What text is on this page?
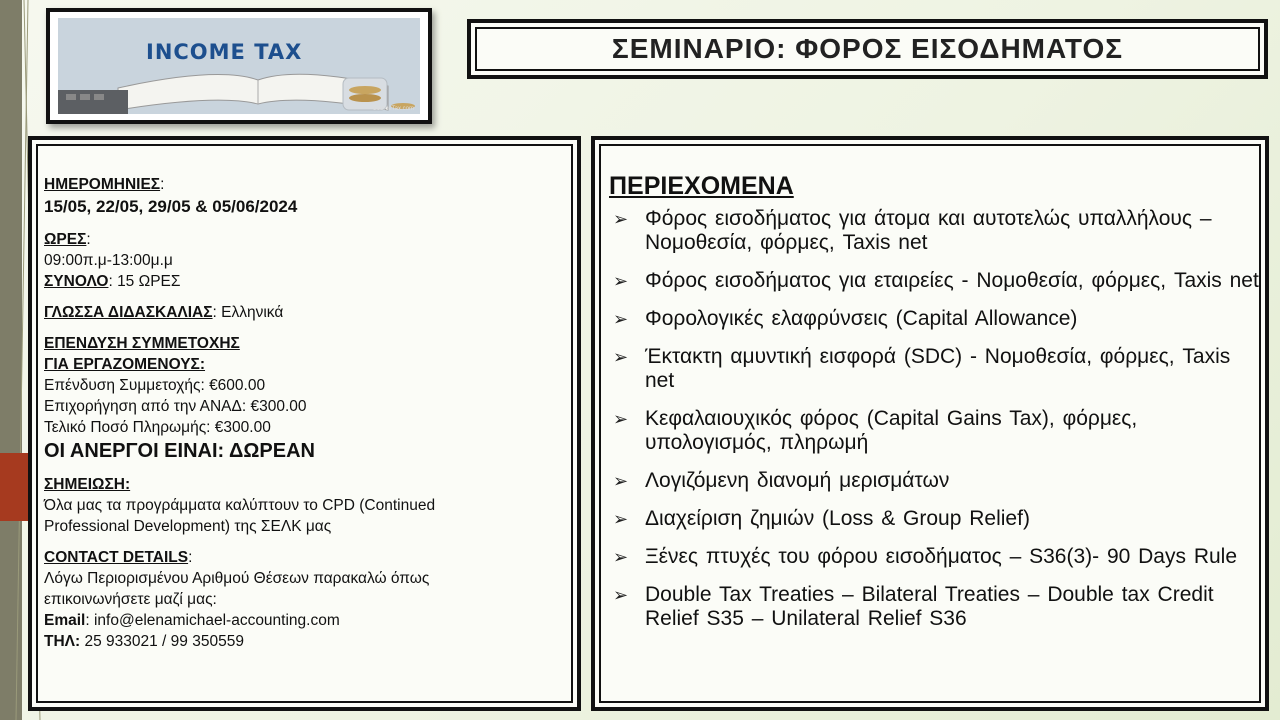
INCOME TAX
SourceTax.com
ΣΕΜΙΝΑΡΙΟ: ΦΟΡΟΣ ΕΙΣΟΔΗΜΑΤΟΣ
ΗΜΕΡΟΜΗΝΙΕΣ:
15/05, 22/05, 29/05 & 05/06/2024
ΩΡΕΣ:
09:00π.μ-13:00μ.μ
ΣΥΝΟΛΟ: 15 ΩΡΕΣ
ΓΛΩΣΣΑ ΔΙΔΑΣΚΑΛΙΑΣ: Ελληνικά
ΕΠΕΝΔΥΣΗ ΣΥΜΜΕΤΟΧΗΣ
ΓΙΑ ΕΡΓΑΖΟΜΕΝΟΥΣ:
Επένδυση Συμμετοχής: €600.00
Επιχορήγηση από την ΑΝΑΔ: €300.00
Τελικό Ποσό Πληρωμής: €300.00
ΟΙ ΑΝΕΡΓΟΙ ΕΙΝΑΙ: ΔΩΡΕΑΝ
ΣΗΜΕΙΩΣΗ:
Όλα μας τα προγράμματα καλύπτουν το CPD (Continued
Professional Development) της ΣΕΛΚ μας
CONTACT DETAILS:
Λόγω Περιορισμένου Αριθμού Θέσεων παρακαλώ όπως
επικοινωνήσετε μαζί μας:
Email: info@elenamichael-accounting.com
ΤΗΛ: 25 933021 / 99 350559
ΠΕΡΙΕΧΟΜΕΝΑ
➢ Φόρος εισοδήματος για άτομα και αυτοτελώς υπαλλήλους – Νομοθεσία, φόρμες, Taxis net
➢ Φόρος εισοδήματος για εταιρείες - Νομοθεσία, φόρμες, Taxis net
➢ Φορολογικές ελαφρύνσεις (Capital Allowance)
➢ Έκτακτη αμυντική εισφορά (SDC) - Νομοθεσία, φόρμες, Taxis net
➢ Κεφαλαιουχικός φόρος (Capital Gains Tax), φόρμες, υπολογισμός, πληρωμή
➢ Λογιζόμενη διανομή μερισμάτων
➢ Διαχείριση ζημιών (Loss & Group Relief)
➢ Ξένες πτυχές του φόρου εισοδήματος – S36(3)- 90 Days Rule
➢ Double Tax Treaties – Bilateral Treaties – Double tax Credit Relief S35 – Unilateral Relief S36
